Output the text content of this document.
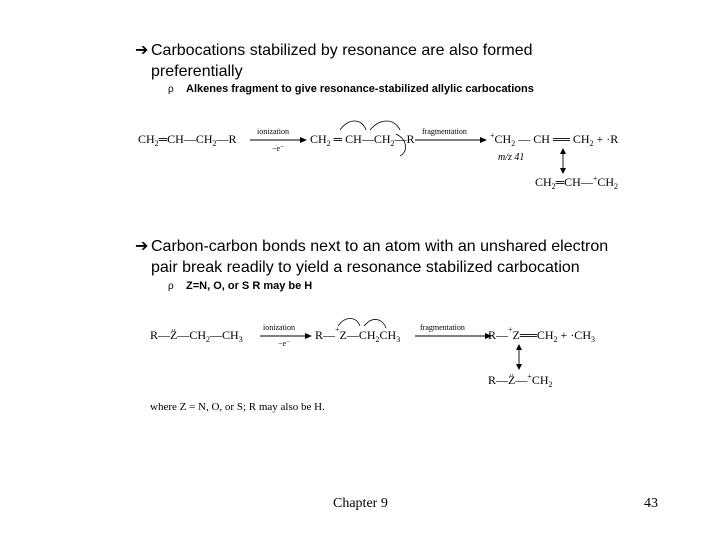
➔ Carbocations stabilized by resonance are also formed
preferentially
ρ Alkenes fragment to give resonance-stabilized allylic carbocations
$CH_2═CH—CH_2—R$
ionization
−e⁻
$CH_2$ ═ $CH—CH_2—R$
fragmentation	$^+CH_2$ — CH ══ $CH_2 + \cdot R$
m/z 41
$CH_2═CH—^+CH_2$
$R—Z̈—CH_2—CH_3$
ionization
−e⁻
$R—^+Z—CH_2CH_3$
fragmentation
$R—^+Z══CH_2 + \cdot CH_3$
$R—Z̈—^+CH_2$
where Z = N, O, or S; R may also be H.
➔ Carbon-carbon bonds next to an atom with an unshared electron
pair break readily to yield a resonance stabilized carbocation
ρ Z=N, O, or S R may be H
Chapter 9	43
